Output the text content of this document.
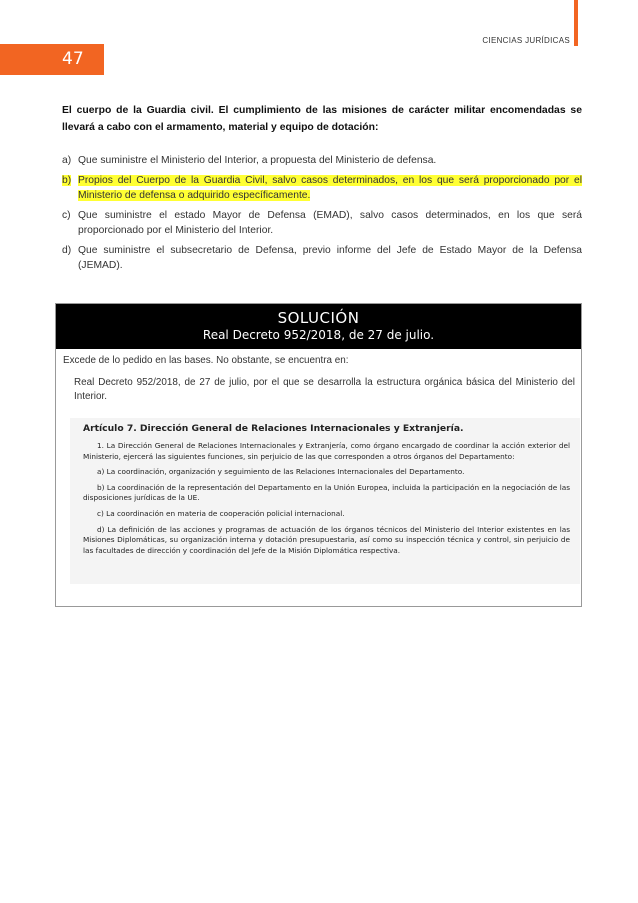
CIENCIAS JURÍDICAS
47
El cuerpo de la Guardia civil. El cumplimiento de las misiones de carácter militar encomendadas se llevará a cabo con el armamento, material y equipo de dotación:
a) Que suministre el Ministerio del Interior, a propuesta del Ministerio de defensa.
b) Propios del Cuerpo de la Guardia Civil, salvo casos determinados, en los que será proporcionado por el Ministerio de defensa o adquirido específicamente.
c) Que suministre el estado Mayor de Defensa (EMAD), salvo casos determinados, en los que será proporcionado por el Ministerio del Interior.
d) Que suministre el subsecretario de Defensa, previo informe del Jefe de Estado Mayor de la Defensa (JEMAD).
SOLUCIÓN
Real Decreto 952/2018, de 27 de julio.
Excede de lo pedido en las bases. No obstante, se encuentra en:
Real Decreto 952/2018, de 27 de julio, por el que se desarrolla la estructura orgánica básica del Ministerio del Interior.
Artículo 7. Dirección General de Relaciones Internacionales y Extranjería.
1. La Dirección General de Relaciones Internacionales y Extranjería, como órgano encargado de coordinar la acción exterior del Ministerio, ejercerá las siguientes funciones, sin perjuicio de las que corresponden a otros órganos del Departamento:
a) La coordinación, organización y seguimiento de las Relaciones Internacionales del Departamento.
b) La coordinación de la representación del Departamento en la Unión Europea, incluida la participación en la negociación de las disposiciones jurídicas de la UE.
c) La coordinación en materia de cooperación policial internacional.
d) La definición de las acciones y programas de actuación de los órganos técnicos del Ministerio del Interior existentes en las Misiones Diplomáticas, su organización interna y dotación presupuestaria, así como su inspección técnica y control, sin perjuicio de las facultades de dirección y coordinación del Jefe de la Misión Diplomática respectiva.
